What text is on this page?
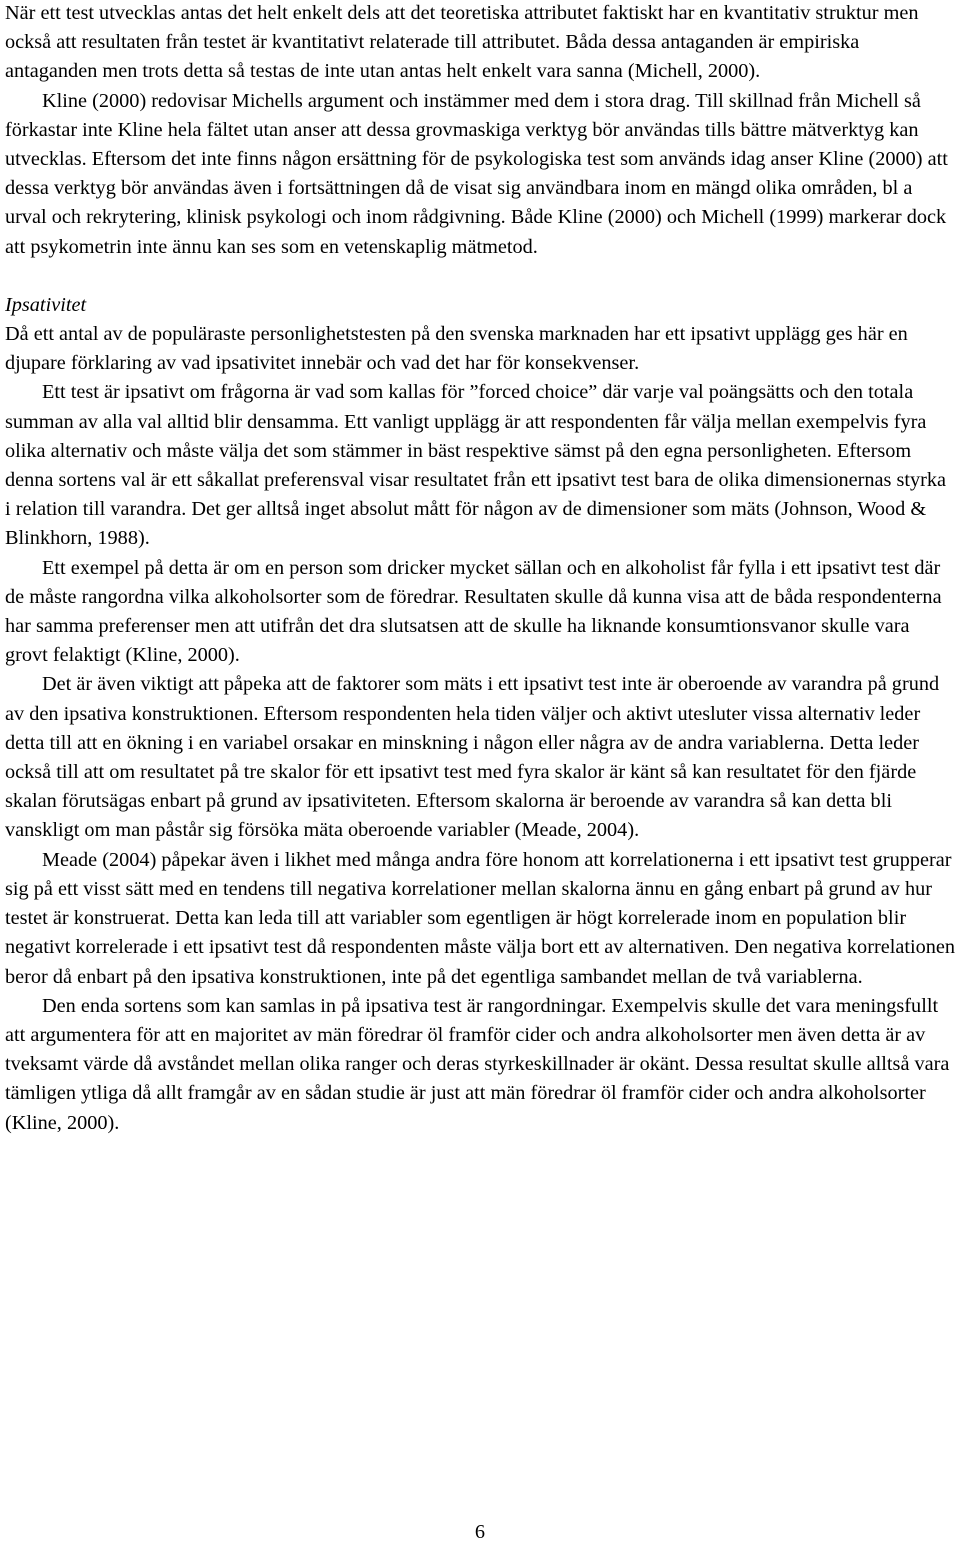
När ett test utvecklas antas det helt enkelt dels att det teoretiska attributet faktiskt har en kvantitativ struktur men också att resultaten från testet är kvantitativt relaterade till attributet. Båda dessa antaganden är empiriska antaganden men trots detta så testas de inte utan antas helt enkelt vara sanna (Michell, 2000).

Kline (2000) redovisar Michells argument och instämmer med dem i stora drag. Till skillnad från Michell så förkastar inte Kline hela fältet utan anser att dessa grovmaskiga verktyg bör användas tills bättre mätverktyg kan utvecklas. Eftersom det inte finns någon ersättning för de psykologiska test som används idag anser Kline (2000) att dessa verktyg bör användas även i fortsättningen då de visat sig användbara inom en mängd olika områden, bl a urval och rekrytering, klinisk psykologi och inom rådgivning. Både Kline (2000) och Michell (1999) markerar dock att psykometrin inte ännu kan ses som en vetenskaplig mätmetod.

Ipsativitet

Då ett antal av de populäraste personlighetstesten på den svenska marknaden har ett ipsativt upplägg ges här en djupare förklaring av vad ipsativitet innebär och vad det har för konsekvenser.

Ett test är ipsativt om frågorna är vad som kallas för ”forced choice” där varje val poängsätts och den totala summan av alla val alltid blir densamma. Ett vanligt upplägg är att respondenten får välja mellan exempelvis fyra olika alternativ och måste välja det som stämmer in bäst respektive sämst på den egna personligheten. Eftersom denna sortens val är ett såkallat preferensval visar resultatet från ett ipsativt test bara de olika dimensionernas styrka i relation till varandra. Det ger alltså inget absolut mått för någon av de dimensioner som mäts (Johnson, Wood & Blinkhorn, 1988).

Ett exempel på detta är om en person som dricker mycket sällan och en alkoholist får fylla i ett ipsativt test där de måste rangordna vilka alkoholsorter som de föredrar. Resultaten skulle då kunna visa att de båda respondenterna har samma preferenser men att utifrån det dra slutsatsen att de skulle ha liknande konsumtionsvanor skulle vara grovt felaktigt (Kline, 2000).

Det är även viktigt att påpeka att de faktorer som mäts i ett ipsativt test inte är oberoende av varandra på grund av den ipsativa konstruktionen. Eftersom respondenten hela tiden väljer och aktivt utesluter vissa alternativ leder detta till att en ökning i en variabel orsakar en minskning i någon eller några av de andra variablerna. Detta leder också till att om resultatet på tre skalor för ett ipsativt test med fyra skalor är känt så kan resultatet för den fjärde skalan förutsägas enbart på grund av ipsativiteten. Eftersom skalorna är beroende av varandra så kan detta bli vanskligt om man påstår sig försöka mäta oberoende variabler (Meade, 2004).

Meade (2004) påpekar även i likhet med många andra före honom att korrelationerna i ett ipsativt test grupperar sig på ett visst sätt med en tendens till negativa korrelationer mellan skalorna ännu en gång enbart på grund av hur testet är konstruerat. Detta kan leda till att variabler som egentligen är högt korrelerade inom en population blir negativt korrelerade i ett ipsativt test då respondenten måste välja bort ett av alternativen. Den negativa korrelationen beror då enbart på den ipsativa konstruktionen, inte på det egentliga sambandet mellan de två variablerna.

Den enda sortens som kan samlas in på ipsativa test är rangordningar. Exempelvis skulle det vara meningsfullt att argumentera för att en majoritet av män föredrar öl framför cider och andra alkoholsorter men även detta är av tveksamt värde då avståndet mellan olika ranger och deras styrkeskillnader är okänt. Dessa resultat skulle alltså vara tämligen ytliga då allt framgår av en sådan studie är just att män föredrar öl framför cider och andra alkoholsorter (Kline, 2000).

6
